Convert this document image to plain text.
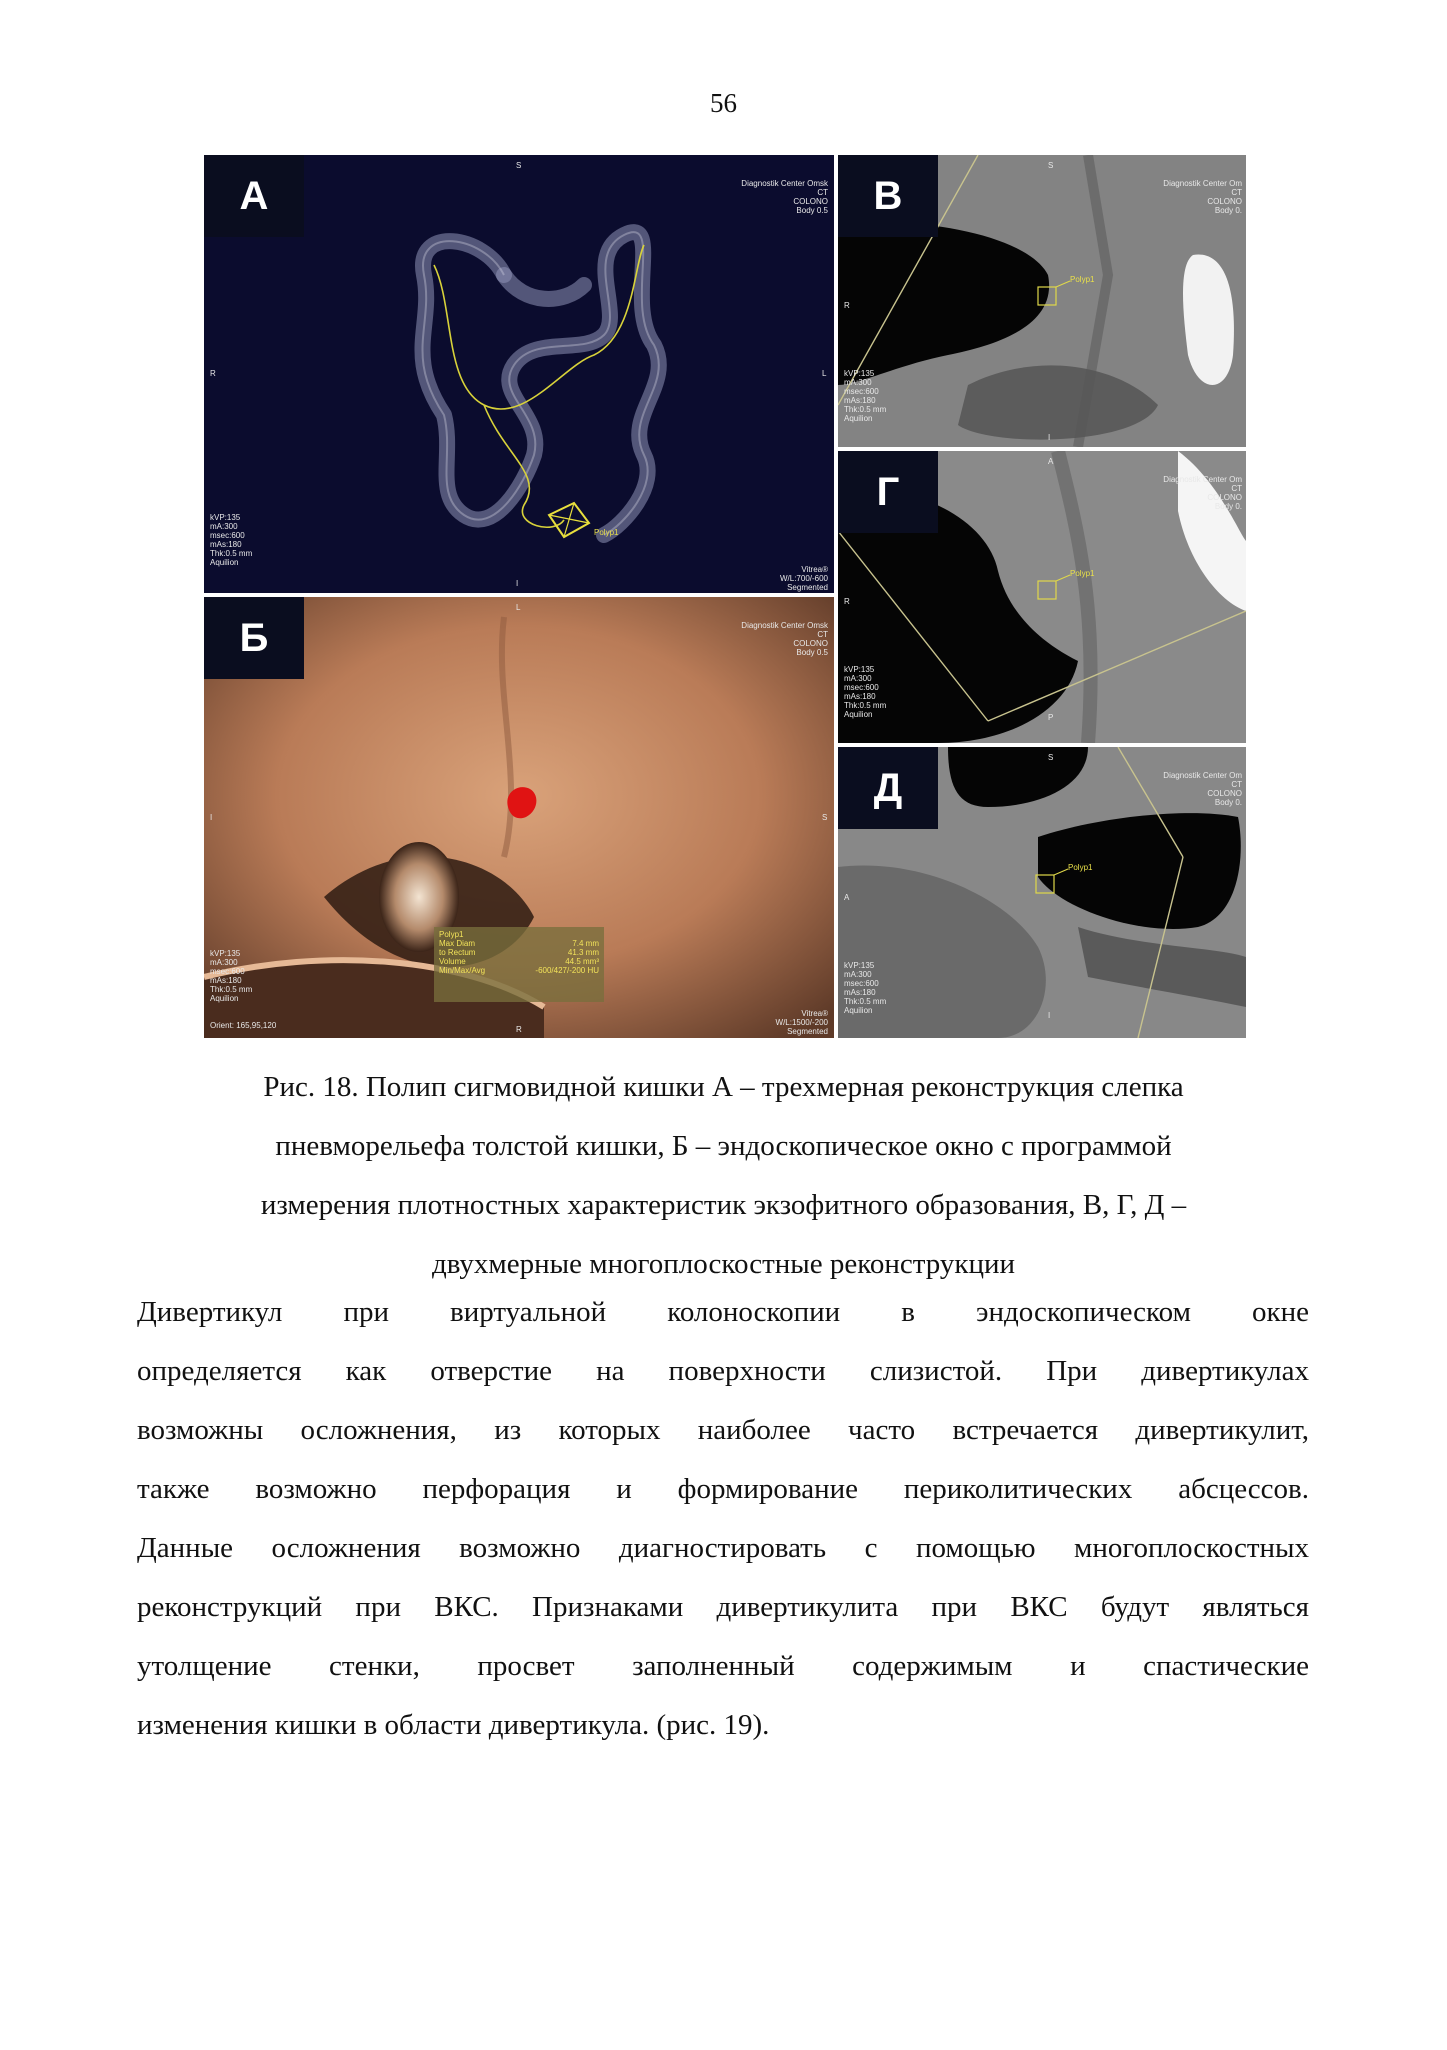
56
А
S
I
R	L

Diagnostik Center Omsk
CT
COLONO
Body 0.5

kVP:135
mA:300
msec:600
mAs:180
Thk:0.5 mm
Aquilion

Vitrea®
W/L:700/-600
Segmented

Polyp1
Б
L
R
I	S

Diagnostik Center Omsk
CT
COLONO
Body 0.5

kVP:135
mA:300
msec:600
mAs:180
Thk:0.5 mm
Aquilion

Orient: 165,95,120

Polyp1
Max Diam	7.4 mm
to Rectum	41.3 mm
Volume	44.5 mm³
Min/Max/Avg	-600/427/-200 HU

Vitrea®
W/L:1500/-200
Segmented

В
S
R
I

Diagnostik Center Om
CT
COLONO
Body 0.

kVP:135
mA:300
msec:600
mAs:180
Thk:0.5 mm
Aquilion

Polyp1
Г
A
R
P

Diagnostik Center Om
CT
COLONO
Body 0.

kVP:135
mA:300
msec:600
mAs:180
Thk:0.5 mm
Aquilion

Polyp1
Д
S
A
I

Diagnostik Center Om
CT
COLONO
Body 0.

kVP:135
mA:300
msec:600
mAs:180
Thk:0.5 mm
Aquilion

Polyp1
Рис. 18. Полип сигмовидной кишки А – трехмерная реконструкция слепка
пневморельефа толстой кишки, Б – эндоскопическое окно с программой
измерения плотностных характеристик экзофитного образования, В, Г, Д –
двухмерные многоплоскостные реконструкции
Дивертикул при виртуальной колоноскопии в эндоскопическом окне
определяется как отверстие на поверхности слизистой. При дивертикулах
возможны осложнения, из которых наиболее часто встречается дивертикулит,
также возможно перфорация и формирование периколитических абсцессов.
Данные осложнения возможно диагностировать с помощью многоплоскостных
реконструкций при ВКС. Признаками дивертикулита при ВКС будут являться
утолщение стенки, просвет заполненный содержимым и спастические
изменения кишки в области дивертикула. (рис. 19).
